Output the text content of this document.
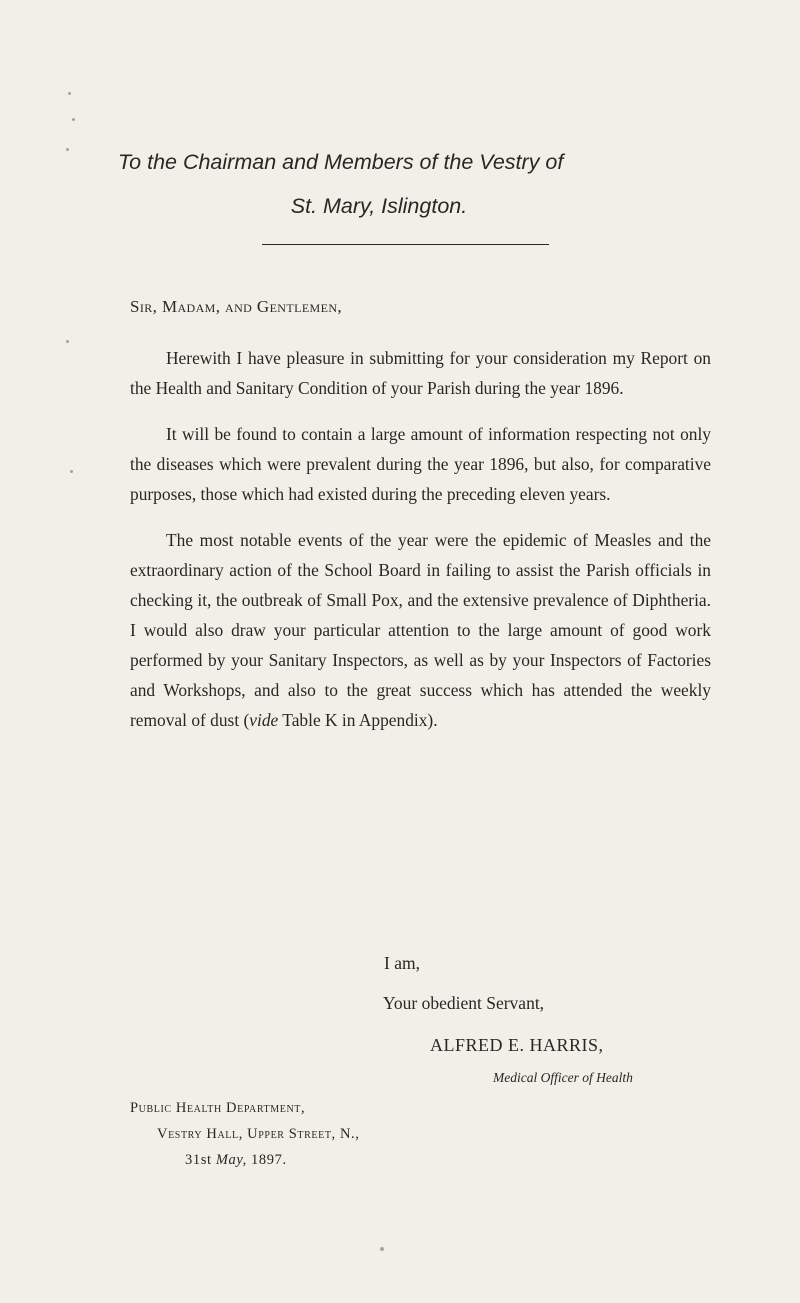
To the Chairman and Members of the Vestry of
St. Mary, Islington.
Sir, Madam, and Gentlemen,

Herewith I have pleasure in submitting for your consideration my Report on the Health and Sanitary Condition of your Parish during the year 1896.

It will be found to contain a large amount of information respecting not only the diseases which were prevalent during the year 1896, but also, for comparative purposes, those which had existed during the preceding eleven years.

The most notable events of the year were the epidemic of Measles and the extraordinary action of the School Board in failing to assist the Parish officials in checking it, the outbreak of Small Pox, and the extensive prevalence of Diphtheria. I would also draw your particular attention to the large amount of good work performed by your Sanitary Inspectors, as well as by your Inspectors of Factories and Workshops, and also to the great success which has attended the weekly removal of dust (vide Table K in Appendix).

I am,
Your obedient Servant,
ALFRED E. HARRIS,
Medical Officer of Health
Public Health Department,
Vestry Hall, Upper Street, N.,
31st May, 1897.
